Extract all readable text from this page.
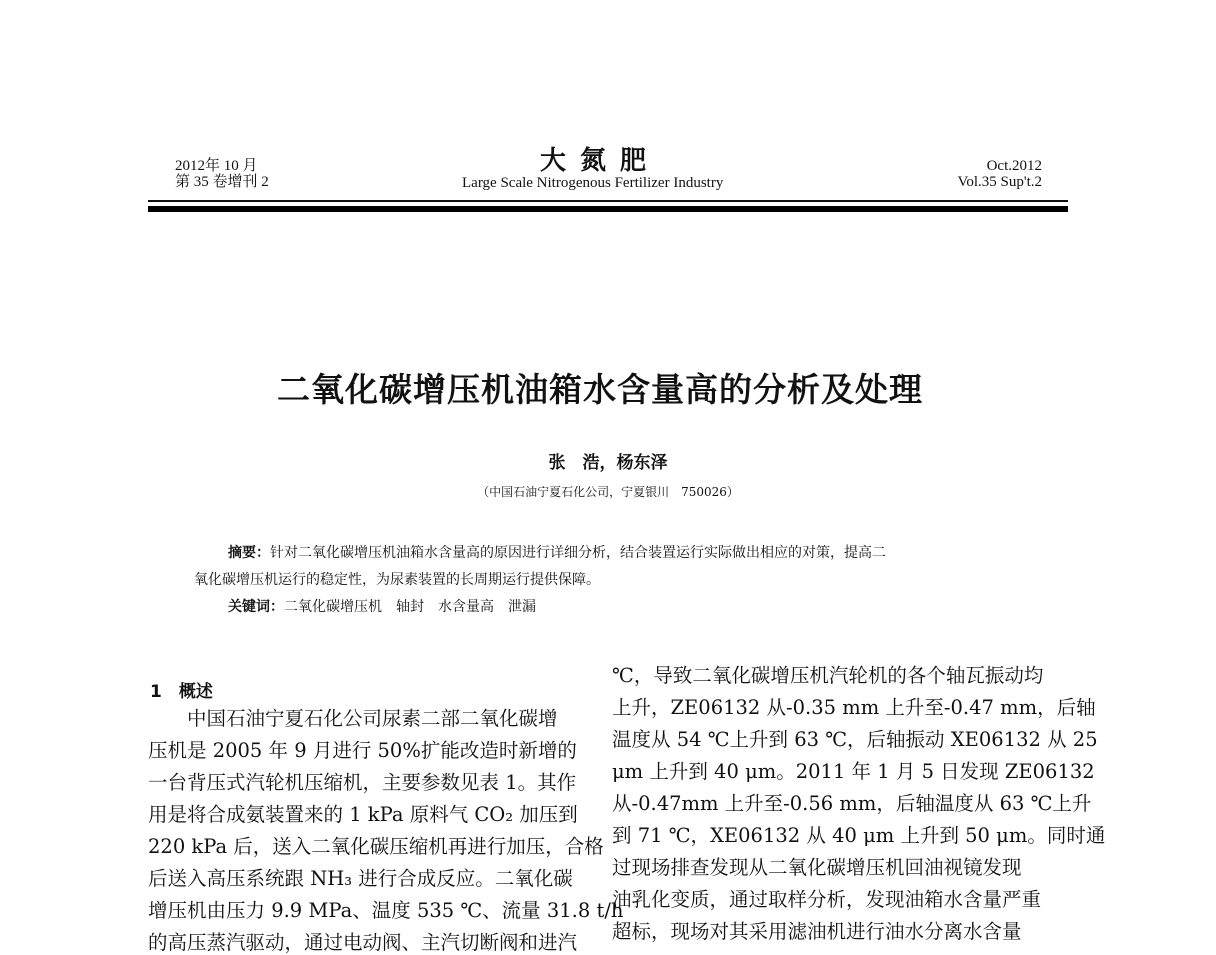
2012年 10 月
第 35 卷增刊 2
大氮肥
Large Scale Nitrogenous Fertilizer Industry
Oct.2012
Vol.35 Sup't.2
二氧化碳增压机油箱水含量高的分析及处理
张　浩，杨东泽
（中国石油宁夏石化公司，宁夏银川　750026）
摘要：针对二氧化碳增压机油箱水含量高的原因进行详细分析，结合装置运行实际做出相应的对策，提高二
氧化碳增压机运行的稳定性，为尿素装置的长周期运行提供保障。
关键词：二氧化碳增压机　轴封　水含量高　泄漏
1　概述
　　中国石油宁夏石化公司尿素二部二氧化碳增
压机是 2005 年 9 月进行 50%扩能改造时新增的
一台背压式汽轮机压缩机，主要参数见表 1。其作
用是将合成氨装置来的 1 kPa 原料气 CO₂ 加压到
220 kPa 后，送入二氧化碳压缩机再进行加压，合格
后送入高压系统跟 NH₃ 进行合成反应。二氧化碳
增压机由压力 9.9 MPa、温度 535 ℃、流量 31.8 t/h
的高压蒸汽驱动，通过电动阀、主汽切断阀和进汽
℃，导致二氧化碳增压机汽轮机的各个轴瓦振动均
上升，ZE06132 从-0.35 mm 上升至-0.47 mm，后轴
温度从 54 ℃上升到 63 ℃，后轴振动 XE06132 从 25
μm 上升到 40 μm。2011 年 1 月 5 日发现 ZE06132
从-0.47mm 上升至-0.56 mm，后轴温度从 63 ℃上升
到 71 ℃，XE06132 从 40 μm 上升到 50 μm。同时通
过现场排查发现从二氧化碳增压机回油视镜发现
油乳化变质，通过取样分析，发现油箱水含量严重
超标，现场对其采用滤油机进行油水分离水含量
